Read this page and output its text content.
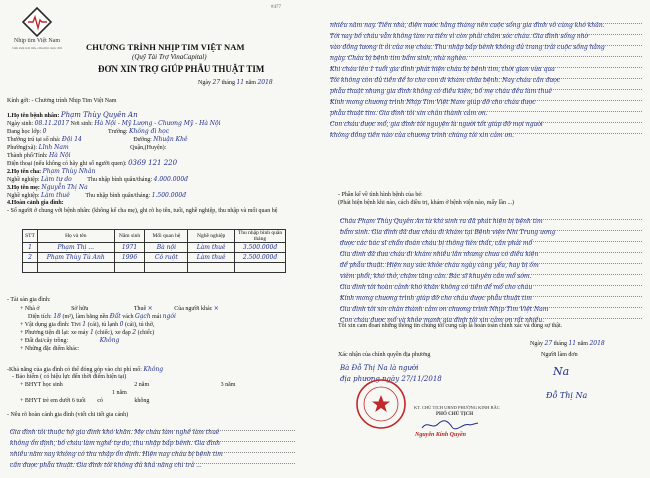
Nhịp tim Việt Nam
Cứu một trái tim, cứu một cuộc đời
#477
CHƯƠNG TRÌNH NHỊP TIM VIỆT NAM
(Quỹ Tài Trợ VinaCapital)
ĐƠN XIN TRỢ GIÚP PHẪU THUẬT TIM
Ngày 27 tháng 11 năm 2018
Kính gởi: - Chương trình Nhịp Tim Việt Nam
1.Họ tên bệnh nhân: Phạm Thùy Quyên An
Ngày sinh: 08.11.2017 Nơi sinh: Hà Nội - Mỹ Lượng - Chương Mỹ - Hà Nội
Đang học lớp: 0	Trường: Không đi học
Thường trú tại số nhà: Đội 14	Đường: Nhuận Khê
Phường(xã): Lĩnh Nam	Quận,(Huyện):
Thành phố/Tỉnh: Hà Nội
Điện thoại (nếu không có hãy ghi số người quen): 0369 121 220
2.Họ tên cha: Phạm Thùy Nhân
Nghề nghiệp: Làm tự do	Thu nhập bình quân/tháng: 4.000.000đ
3.Họ tên mẹ: Nguyễn Thị Na
Nghề nghiệp: Làm thuê	Thu nhập bình quân/tháng: 1.500.000đ
4.Hoàn cảnh gia đình:
- Số người ở chung với bệnh nhân: (không kể cha mẹ), ghi rõ họ tên, tuổi, nghề nghiệp, thu nhập và mối quan hệ
STT	Họ và tên	Năm sinh	Mối quan hệ	Nghề nghiệp	Thu nhập bình quân tháng
1	Phạm Thị ...	1971	Bà nội	Làm thuê	3.500.000đ
2	Phạm Thùy Tú Anh	1996	Cô ruột	Làm thuê	2.500.000đ

- Tài sản gia đình:
+ Nhà ở	Sở hữu	Thuê ×	Của người khác ×
Diện tích: 18 (m²), làm bằng nền Đất vách Gạch mái ngói
+ Vật dụng gia đình: Tivi 1 (cái), tủ lạnh 0 (cái), tủ thờ,
+ Phương tiện đi lại: xe máy 1 (chiếc), xe đạp 2 (chiếc)
+ Đất đai/cây trồng:	Không
+ Những đặc điểm khác:
-Khả năng của gia đình có thể đóng góp vào chi phí mổ: Không
- Bảo hiểm ( có hiệu lực đến thời điểm hiện tại)
+ BHYT học sinh	2 năm	3 năm
1 năm
+ BHYT trẻ em dưới 6 tuổi có	không
- Nêu rõ hoàn cảnh gia đình (viết chi tiết gia cảnh)
Gia đình tôi thuộc hộ gia đình khó khăn. Mẹ cháu làm nghề làm thuê
không ổn định, bố cháu làm nghề tự do, thu nhập bấp bênh. Gia đình
nhiều năm nay không có thu nhập ổn định. Hiện nay cháu bị bệnh tim
cần được phẫu thuật. Gia đình tôi không đủ khả năng chi trả ...
nhiều năm nay. Tiền nhà, điện nước hằng tháng nên cuộc sống gia đình vô cùng khó khăn.
Tới nay bố cháu vẫn không làm ra tiền vì còn phải chăm sóc cháu. Gia đình sống nhờ
vào đồng lương ít ỏi của mẹ cháu. Thu nhập bấp bênh không đủ trang trải cuộc sống hằng
ngày. Cháu bị bệnh tim bẩm sinh, nhà nghèo.
Khi cháu lên 1 tuổi gia đình phát hiện cháu bị bệnh tim, thời gian vừa qua
Tôi không còn đủ tiền để lo cho con đi khám chữa bệnh. Nay cháu cần được
phẫu thuật nhưng gia đình không có điều kiện, bố mẹ cháu đều làm thuê
Kính mong chương trình Nhịp Tim Việt Nam giúp đỡ cho cháu được
phẫu thuật tim. Gia đình tôi xin chân thành cảm ơn.
Con cháu được mổ, gia đình tôi nguyện là người tốt giúp đỡ mọi người
không đồng tiền nào của chương trình chúng tôi xin cảm ơn.
- Phần kể về tình hình bệnh của bé:
(Phát hiện bệnh khi nào, cách điều trị, khám ở bệnh viện nào, mấy lần ...)
Cháu Phạm Thùy Quyên An từ khi sinh ra đã phát hiện bị bệnh tim
bẩm sinh. Gia đình đã đưa cháu đi khám tại Bệnh viện Nhi Trung ương
được các bác sĩ chẩn đoán cháu bị thông liên thất, cần phải mổ
Gia đình đã đưa cháu đi khám nhiều lần nhưng chưa có điều kiện
để phẫu thuật. Hiện nay sức khỏe cháu ngày càng yếu, hay bị ốm
viêm phổi, khó thở, chậm tăng cân. Bác sĩ khuyên cần mổ sớm.
Gia đình tôi hoàn cảnh khó khăn không có tiền để mổ cho cháu
Kính mong chương trình giúp đỡ cho cháu được phẫu thuật tim
Gia đình tôi xin chân thành cảm ơn chương trình Nhịp Tim Việt Nam
Con cháu được mổ và khỏe mạnh gia đình tôi xin cảm ơn rất nhiều.
Tôi xin cam đoan những thông tin chúng tôi cung cấp là hoàn toàn chính xác và đúng sự thật.
Ngày 27 tháng 11 năm 2018
Xác nhận của chính quyền địa phương	Người làm đơn
Bà Đỗ Thị Na là người
địa phương ngày 27/11/2018
Na
Đỗ Thị Na
KT. CHỦ TỊCH UBND PHƯỜNG KINH BẮC
PHÓ CHỦ TỊCH
Nguyễn Kính Quyền
